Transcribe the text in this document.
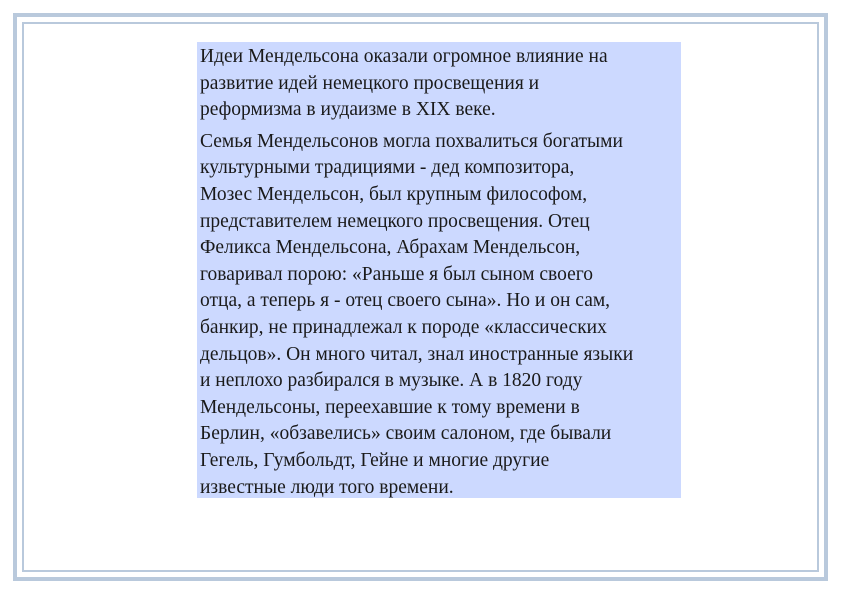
Идеи Мендельсона оказали огромное влияние на
развитие идей немецкого просвещения и
реформизма в иудаизме в XIX веке.

Семья Мендельсонов могла похвалиться богатыми
культурными традициями - дед композитора,
Мозес Мендельсон, был крупным философом,
представителем немецкого просвещения. Отец
Феликса Мендельсона, Абрахам Мендельсон,
говаривал порою: «Раньше я был сыном своего
отца, а теперь я - отец своего сына». Но и он сам,
банкир, не принадлежал к породе «классических
дельцов». Он много читал, знал иностранные языки
и неплохо разбирался в музыке. А в 1820 году
Мендельсоны, переехавшие к тому времени в
Берлин, «обзавелись» своим салоном, где бывали
Гегель, Гумбольдт, Гейне и многие другие
известные люди того времени.
